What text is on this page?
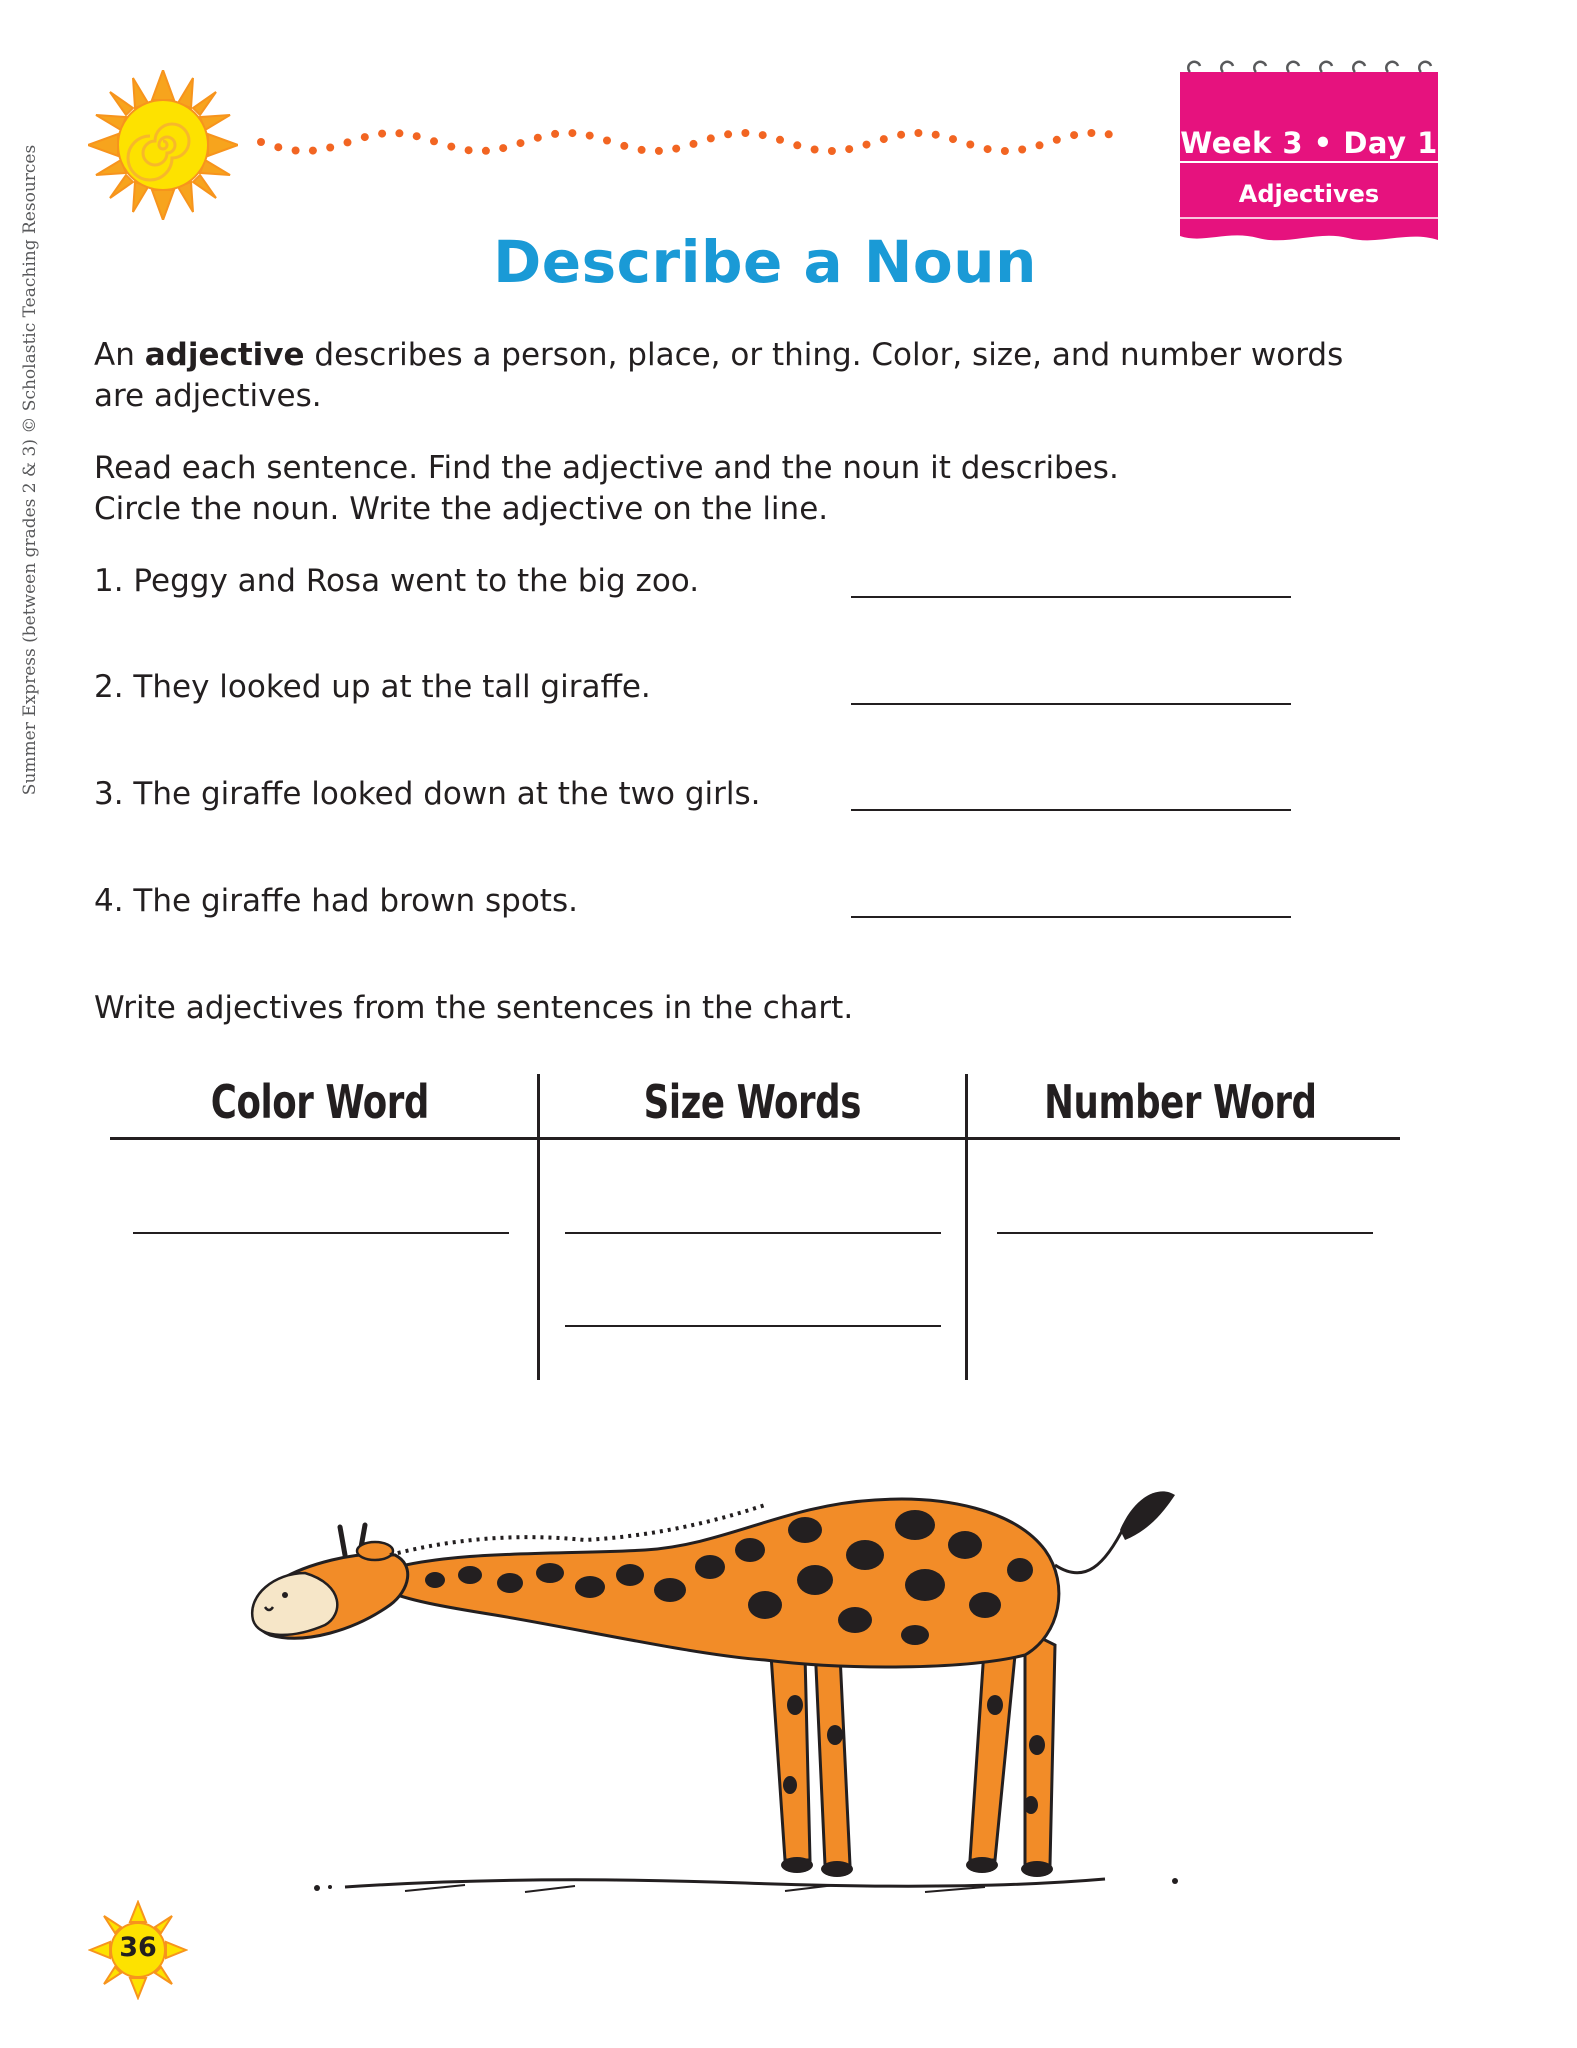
Summer Express (between grades 2 & 3) © Scholastic Teaching Resources
Week 3 • Day 1
Adjectives
Describe a Noun
An adjective describes a person, place, or thing. Color, size, and number words
are adjectives.
Read each sentence. Find the adjective and the noun it describes.
Circle the noun. Write the adjective on the line.
1. Peggy and Rosa went to the big zoo.
2. They looked up at the tall giraffe.
3. The giraffe looked down at the two girls.
4. The giraffe had brown spots.
Write adjectives from the sentences in the chart.
Color Word	Size Words	Number Word
36
